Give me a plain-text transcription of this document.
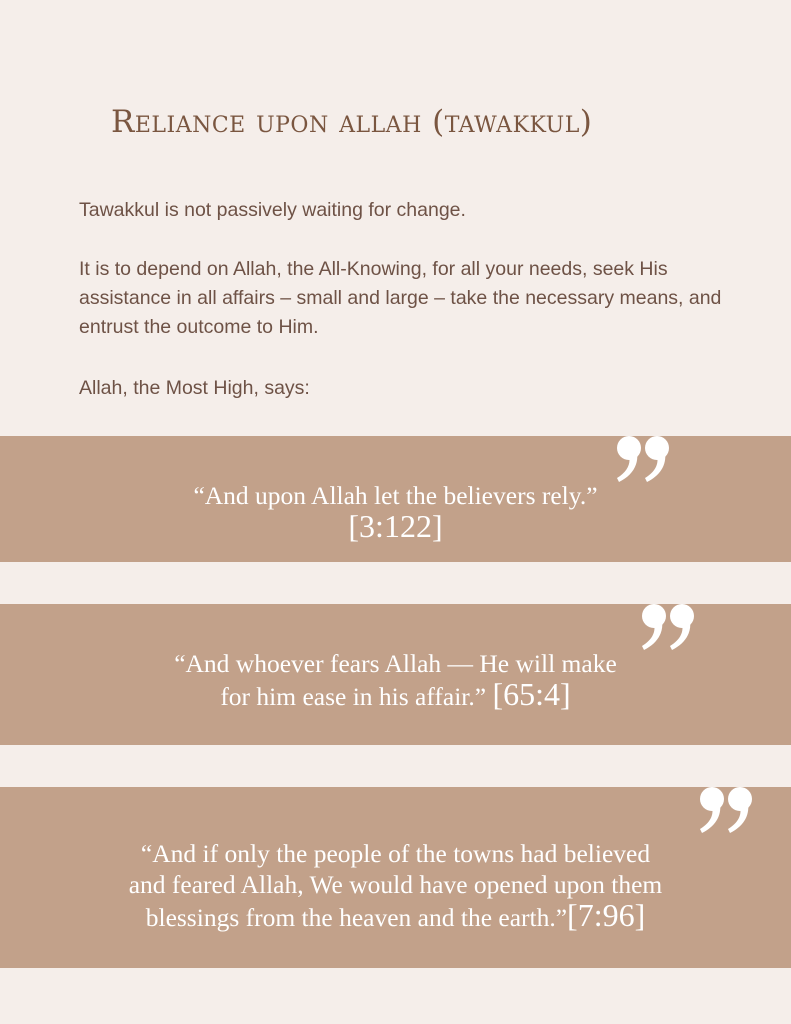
Reliance upon allah (tawakkul)

Tawakkul is not passively waiting for change.

It is to depend on Allah, the All-Knowing, for all your needs, seek His assistance in all affairs – small and large – take the necessary means, and entrust the outcome to Him.

Allah, the Most High, says:

“And upon Allah let the believers rely.”
[3:122]

“And whoever fears Allah — He will make
for him ease in his affair.” [65:4]

“And if only the people of the towns had believed
and feared Allah, We would have opened upon them
blessings from the heaven and the earth.”[7:96]
